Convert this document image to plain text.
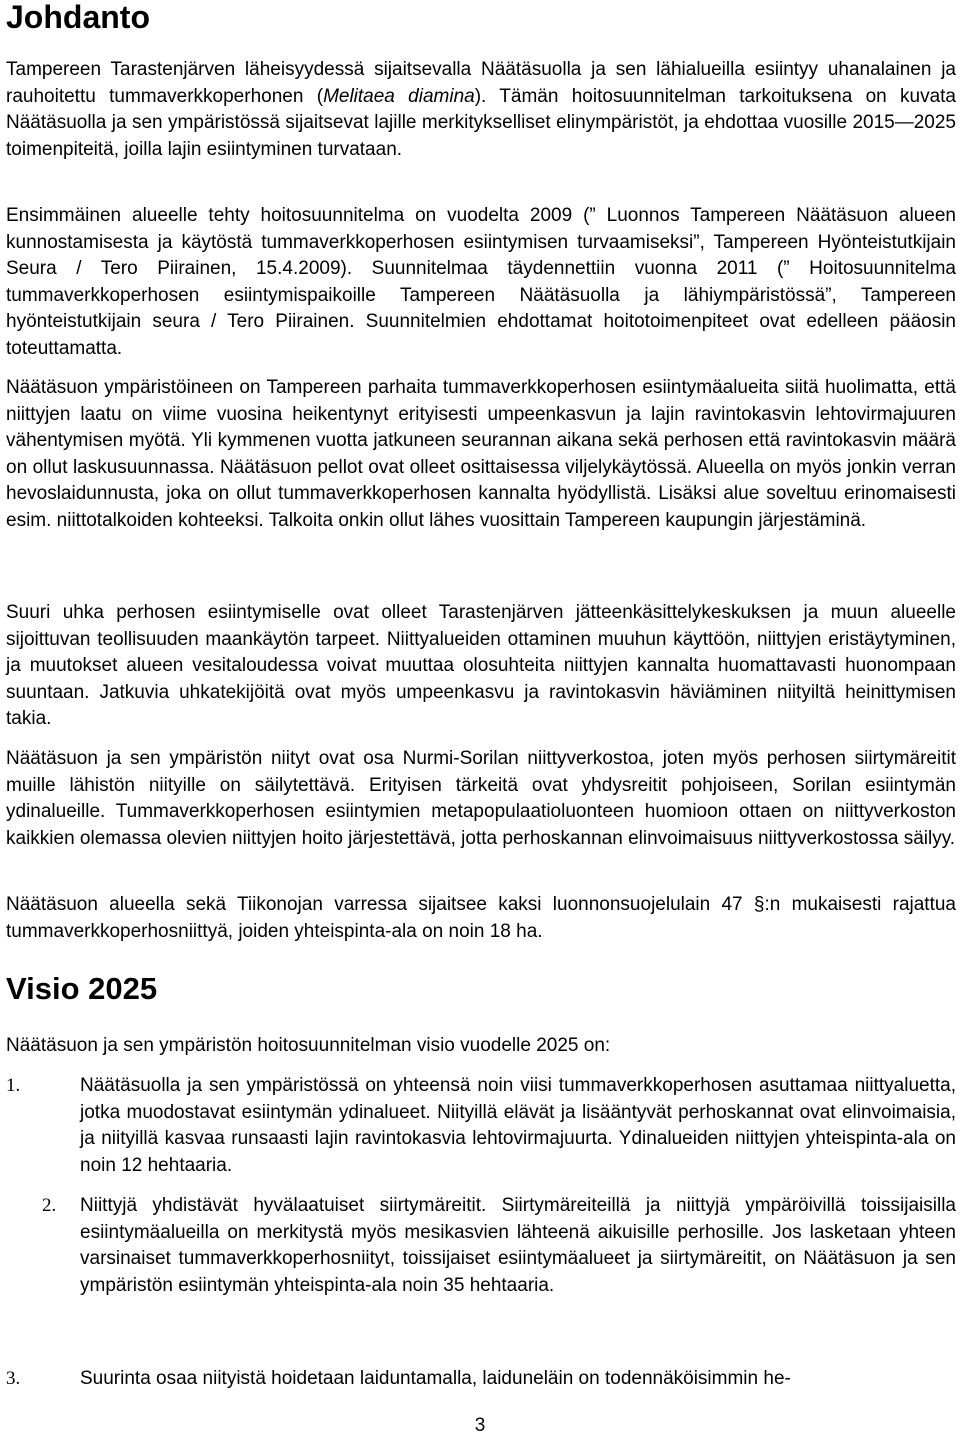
Johdanto

Tampereen Tarastenjärven läheisyydessä sijaitsevalla Näätäsuolla ja sen lähialueilla esiintyy uhanalainen ja rauhoitettu tummaverkkoperhonen (Melitaea diamina). Tämän hoitosuunnitelman tarkoituksena on kuvata Näätäsuolla ja sen ympäristössä sijaitsevat lajille merkitykselliset elinympäristöt, ja ehdottaa vuosille 2015—2025 toimenpiteitä, joilla lajin esiintyminen turvataan.

Ensimmäinen alueelle tehty hoitosuunnitelma on vuodelta 2009 (” Luonnos Tampereen Näätäsuon alueen kunnostamisesta ja käytöstä tummaverkkoperhosen esiintymisen turvaamiseksi”, Tampereen Hyönteistutkijain Seura / Tero Piirainen, 15.4.2009). Suunnitelmaa täydennettiin vuonna 2011 (” Hoitosuunnitelma tummaverkkoperhosen esiintymispaikoille Tampereen Näätäsuolla ja lähiympäristössä”, Tampereen hyönteistutkijain seura / Tero Piirainen. Suunnitelmien ehdottamat hoitotoimenpiteet ovat edelleen pääosin toteuttamatta.

Näätäsuon ympäristöineen on Tampereen parhaita tummaverkkoperhosen esiintymäalueita siitä huolimatta, että niittyjen laatu on viime vuosina heikentynyt erityisesti umpeenkasvun ja lajin ravintokasvin lehtovirmajuuren vähentymisen myötä. Yli kymmenen vuotta jatkuneen seurannan aikana sekä perhosen että ravintokasvin määrä on ollut laskusuunnassa. Näätäsuon pellot ovat olleet osittaisessa viljelykäytössä. Alueella on myös jonkin verran hevoslaidunnusta, joka on ollut tummaverkkoperhosen kannalta hyödyllistä. Lisäksi alue soveltuu erinomaisesti esim. niittotalkoiden kohteeksi. Talkoita onkin ollut lähes vuosittain Tampereen kaupungin järjestäminä.

Suuri uhka perhosen esiintymiselle ovat olleet Tarastenjärven jätteenkäsittelykeskuksen ja muun alueelle sijoittuvan teollisuuden maankäytön tarpeet. Niittyalueiden ottaminen muuhun käyttöön, niittyjen eristäytyminen, ja muutokset alueen vesitaloudessa voivat muuttaa olosuhteita niittyjen kannalta huomattavasti huonompaan suuntaan. Jatkuvia uhkatekijöitä ovat myös umpeenkasvu ja ravintokasvin häviäminen niityiltä heinittymisen takia.

Näätäsuon ja sen ympäristön niityt ovat osa Nurmi-Sorilan niittyverkostoa, joten myös perhosen siirtymäreitit muille lähistön niityille on säilytettävä. Erityisen tärkeitä ovat yhdysreitit pohjoiseen, Sorilan esiintymän ydinalueille. Tummaverkkoperhosen esiintymien metapopulaatioluonteen huomioon ottaen on niittyverkoston kaikkien olemassa olevien niittyjen hoito järjestettävä, jotta perhoskannan elinvoimaisuus niittyverkostossa säilyy.

Näätäsuon alueella sekä Tiikonojan varressa sijaitsee kaksi luonnonsuojelulain 47 §:n mukaisesti rajattua tummaverkkoperhosniittyä, joiden yhteispinta-ala on noin 18 ha.

Visio 2025

Näätäsuon ja sen ympäristön hoitosuunnitelman visio vuodelle 2025 on:

1.	Näätäsuolla ja sen ympäristössä on yhteensä noin viisi tummaverkkoperhosen asuttamaa niittyaluetta, jotka muodostavat esiintymän ydinalueet. Niityillä elävät ja lisääntyvät perhoskannat ovat elinvoimaisia, ja niityillä kasvaa runsaasti lajin ravintokasvia lehtovirmajuurta. Ydinalueiden niittyjen yhteispinta-ala on noin 12 hehtaaria.

2. Niittyjä yhdistävät hyvälaatuiset siirtymäreitit. Siirtymäreiteillä ja niittyjä ympäröivillä toissijaisilla esiintymäalueilla on merkitystä myös mesikasvien lähteenä aikuisille perhosille. Jos lasketaan yhteen varsinaiset tummaverkkoperhosniityt, toissijaiset esiintymäalueet ja siirtymäreitit, on Näätäsuon ja sen ympäristön esiintymän yhteispinta-ala noin 35 hehtaaria.

3.	Suurinta osaa niityistä hoidetaan laiduntamalla, laiduneläin on todennäköisimmin he-

3
